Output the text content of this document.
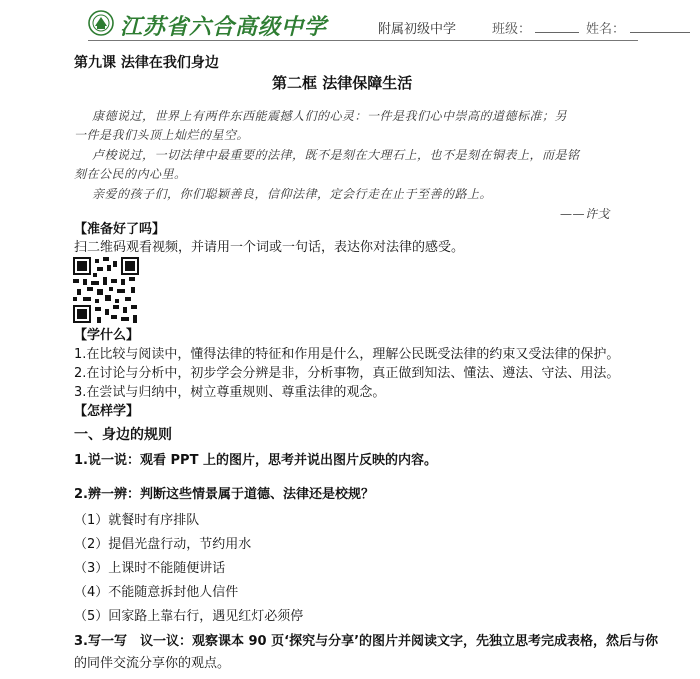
江苏省六合高级中学	附属初级中学	班级：	姓名：
第九课 法律在我们身边
第二框 法律保障生活
康德说过，世界上有两件东西能震撼人们的心灵：一件是我们心中崇高的道德标准；另
一件是我们头顶上灿烂的星空。
卢梭说过，一切法律中最重要的法律，既不是刻在大理石上，也不是刻在铜表上，而是铭
刻在公民的内心里。
亲爱的孩子们，你们聪颖善良，信仰法律，定会行走在止于至善的路上。
——许戈
【准备好了吗】
扫二维码观看视频，并请用一个词或一句话，表达你对法律的感受。
【学什么】
1.在比较与阅读中，懂得法律的特征和作用是什么，理解公民既受法律的约束又受法律的保护。
2.在讨论与分析中，初步学会分辨是非，分析事物，真正做到知法、懂法、遵法、守法、用法。
3.在尝试与归纳中，树立尊重规则、尊重法律的观念。
【怎样学】
一、身边的规则
1.说一说：观看 PPT 上的图片，思考并说出图片反映的内容。
2.辨一辨：判断这些情景属于道德、法律还是校规？
（1）就餐时有序排队
（2）提倡光盘行动，节约用水
（3）上课时不能随便讲话
（4）不能随意拆封他人信件
（5）回家路上靠右行，遇见红灯必须停
3.写一写　议一议：观察课本 90 页‘探究与分享’的图片并阅读文字，先独立思考完成表格，然后与你
的同伴交流分享你的观点。
